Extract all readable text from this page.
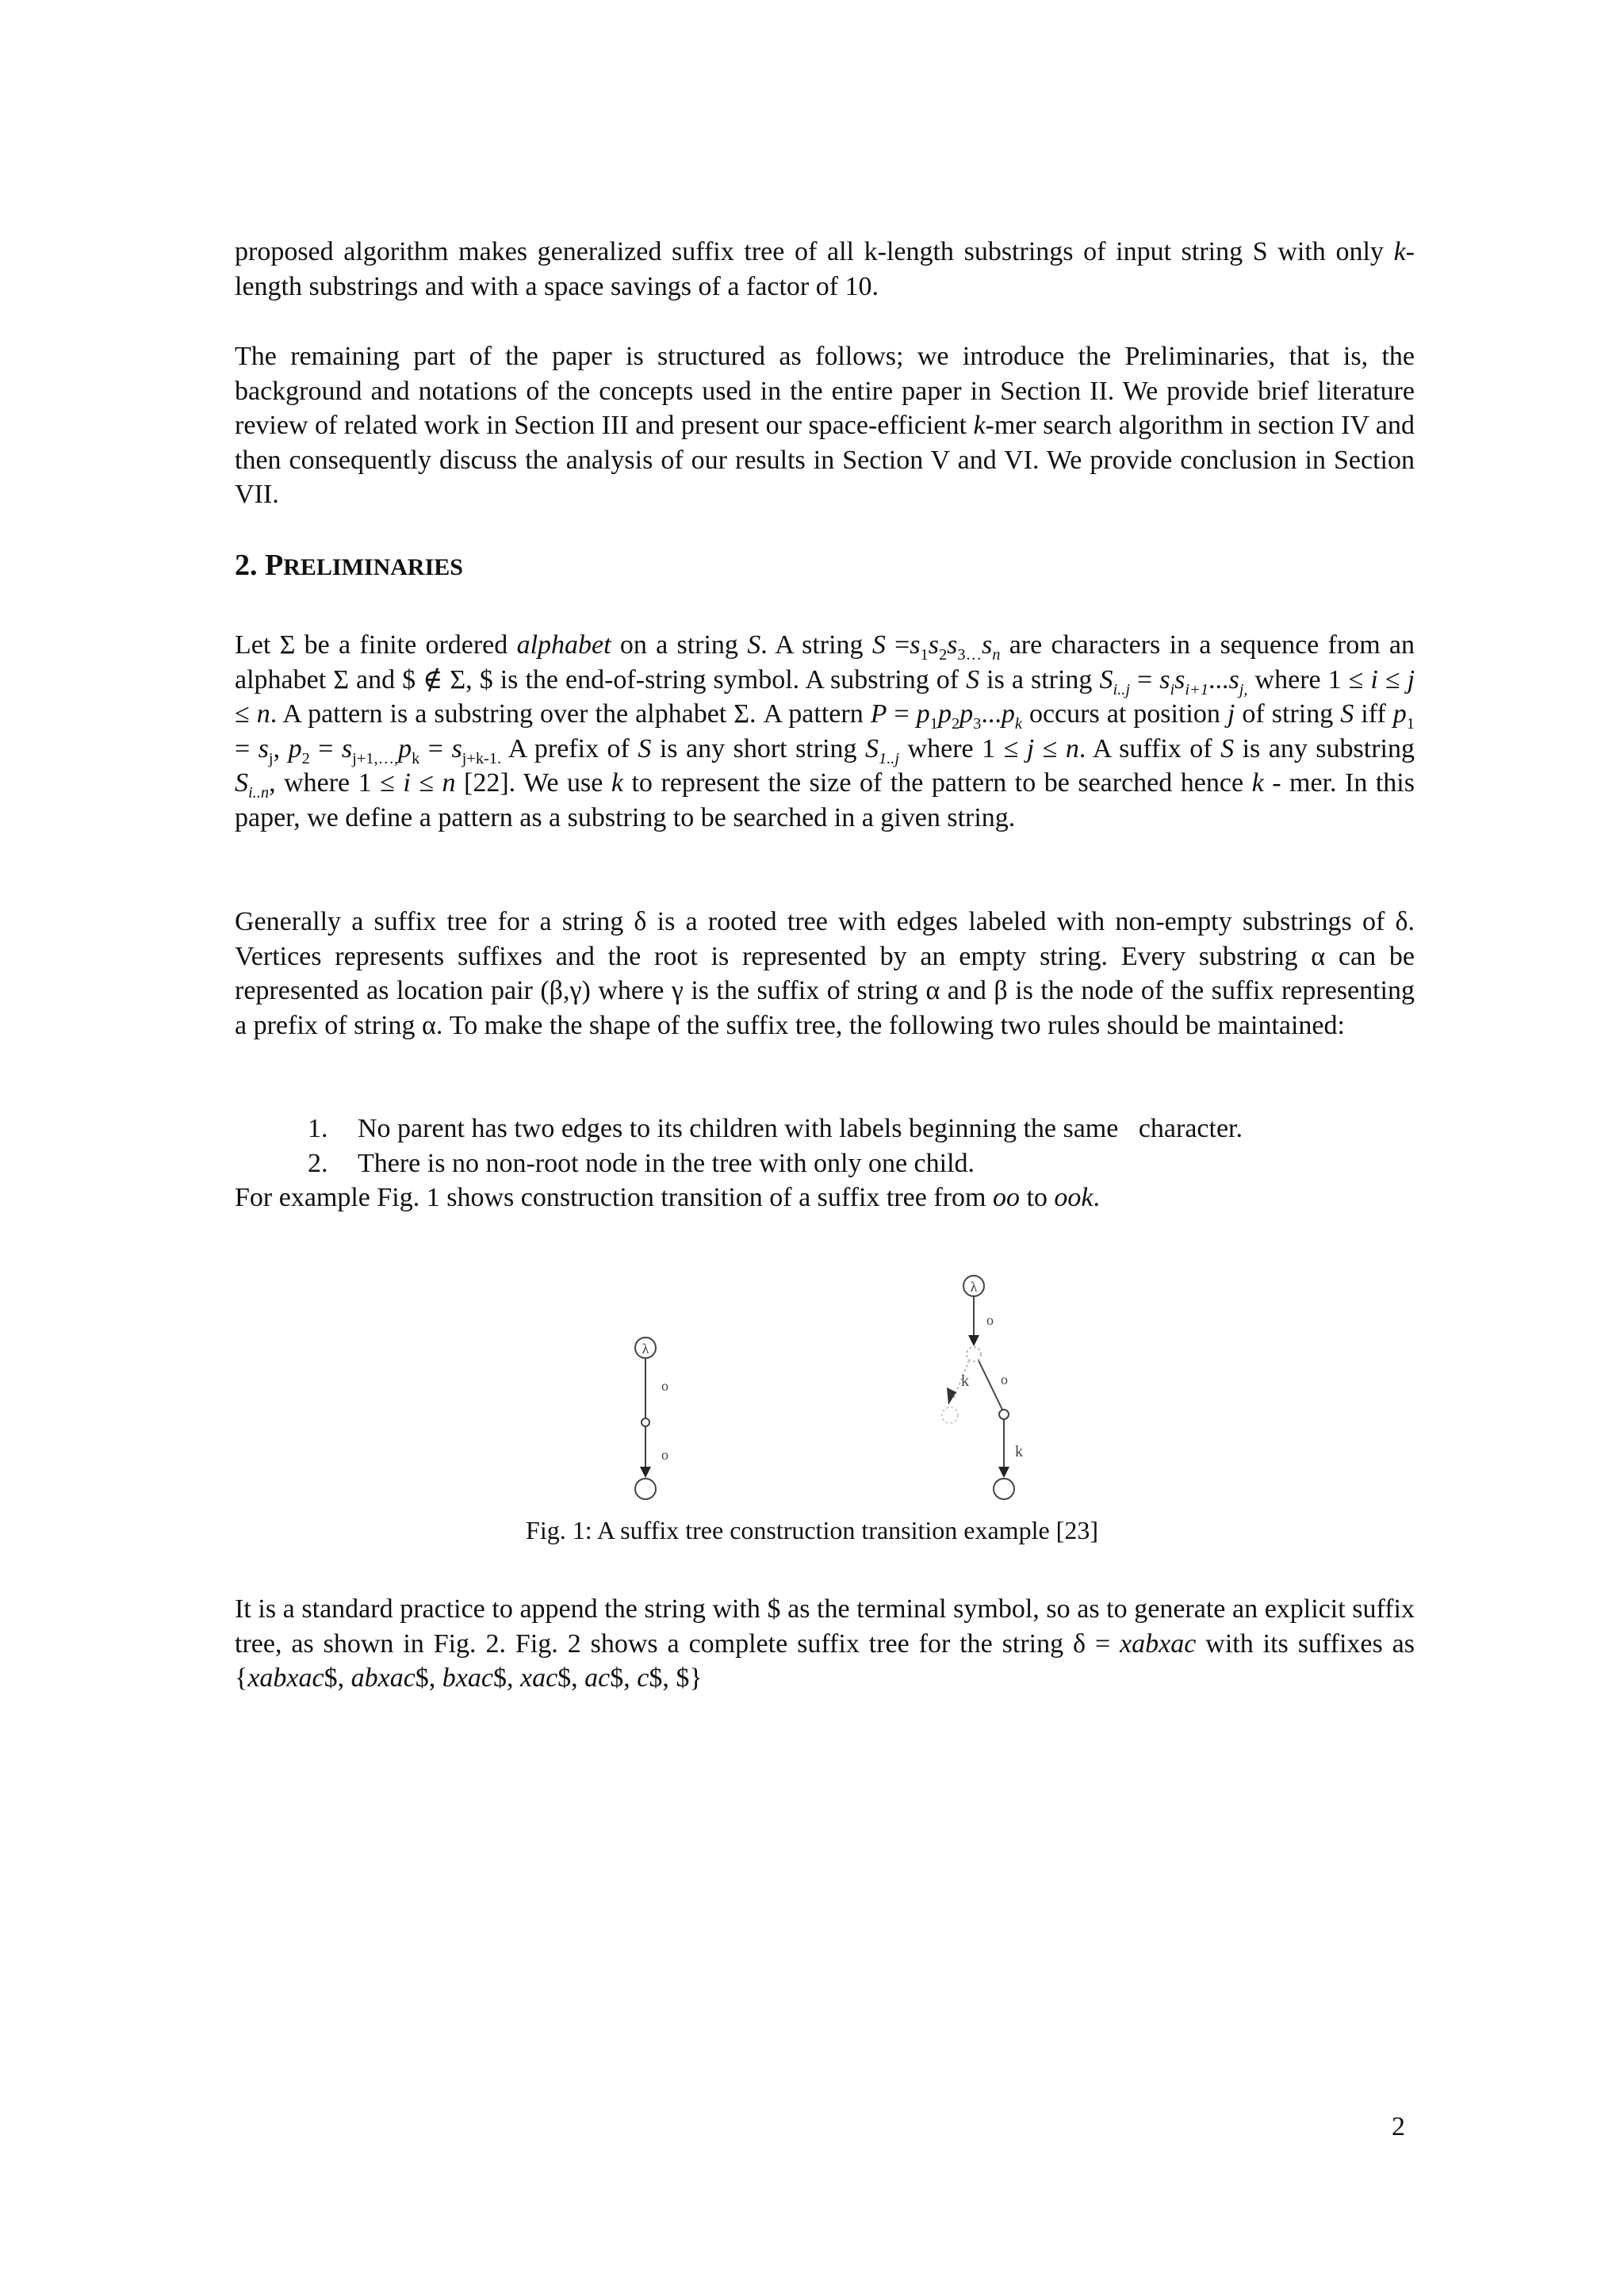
proposed algorithm makes generalized suffix tree of all k-length substrings of input string S with only k-length substrings and with a space savings of a factor of 10.

The remaining part of the paper is structured as follows; we introduce the Preliminaries, that is, the background and notations of the concepts used in the entire paper in Section II. We provide brief literature review of related work in Section III and present our space-efficient k-mer search algorithm in section IV and then consequently discuss the analysis of our results in Section V and VI. We provide conclusion in Section VII.

2. PRELIMINARIES

Let Σ be a finite ordered alphabet on a string S. A string $S =s_1s_2s_{3\dots}s_n$ are characters in a sequence from an alphabet Σ and $ ∉ Σ, $ is the end-of-string symbol. A substring of S is a string $S_{i..j} = s_is_{i+1}...s_{j,}$ where 1 ≤ i ≤ j ≤ n. A pattern is a substring over the alphabet Σ. A pattern $P = p_1p_2p_3...p_k$ occurs at position j of string S iff $p_1 = s_j$, $p_2 = s_{j+1,\dots,}p_k = s_{j+k-1.}$ A prefix of S is any short string $S_{1..j}$ where 1 ≤ j ≤ n. A suffix of S is any substring $S_{i..n}$, where 1 ≤ i ≤ n [22]. We use k to represent the size of the pattern to be searched hence k - mer. In this paper, we define a pattern as a substring to be searched in a given string.

Generally a suffix tree for a string δ is a rooted tree with edges labeled with non-empty substrings of δ. Vertices represents suffixes and the root is represented by an empty string. Every substring α can be represented as location pair (β,γ) where γ is the suffix of string α and β is the node of the suffix representing a prefix of string α. To make the shape of the suffix tree, the following two rules should be maintained:

1. No parent has two edges to its children with labels beginning the same   character.
2. There is no non-root node in the tree with only one child.

For example Fig. 1 shows construction transition of a suffix tree from oo to ook.

λ
o
o
λ
o
k o
k

Fig. 1: A suffix tree construction transition example [23]

It is a standard practice to append the string with $ as the terminal symbol, so as to generate an explicit suffix tree, as shown in Fig. 2. Fig. 2 shows a complete suffix tree for the string δ = xabxac with its suffixes as {xabxac$, abxac$, bxac$, xac$, ac$, c$, $}

2
